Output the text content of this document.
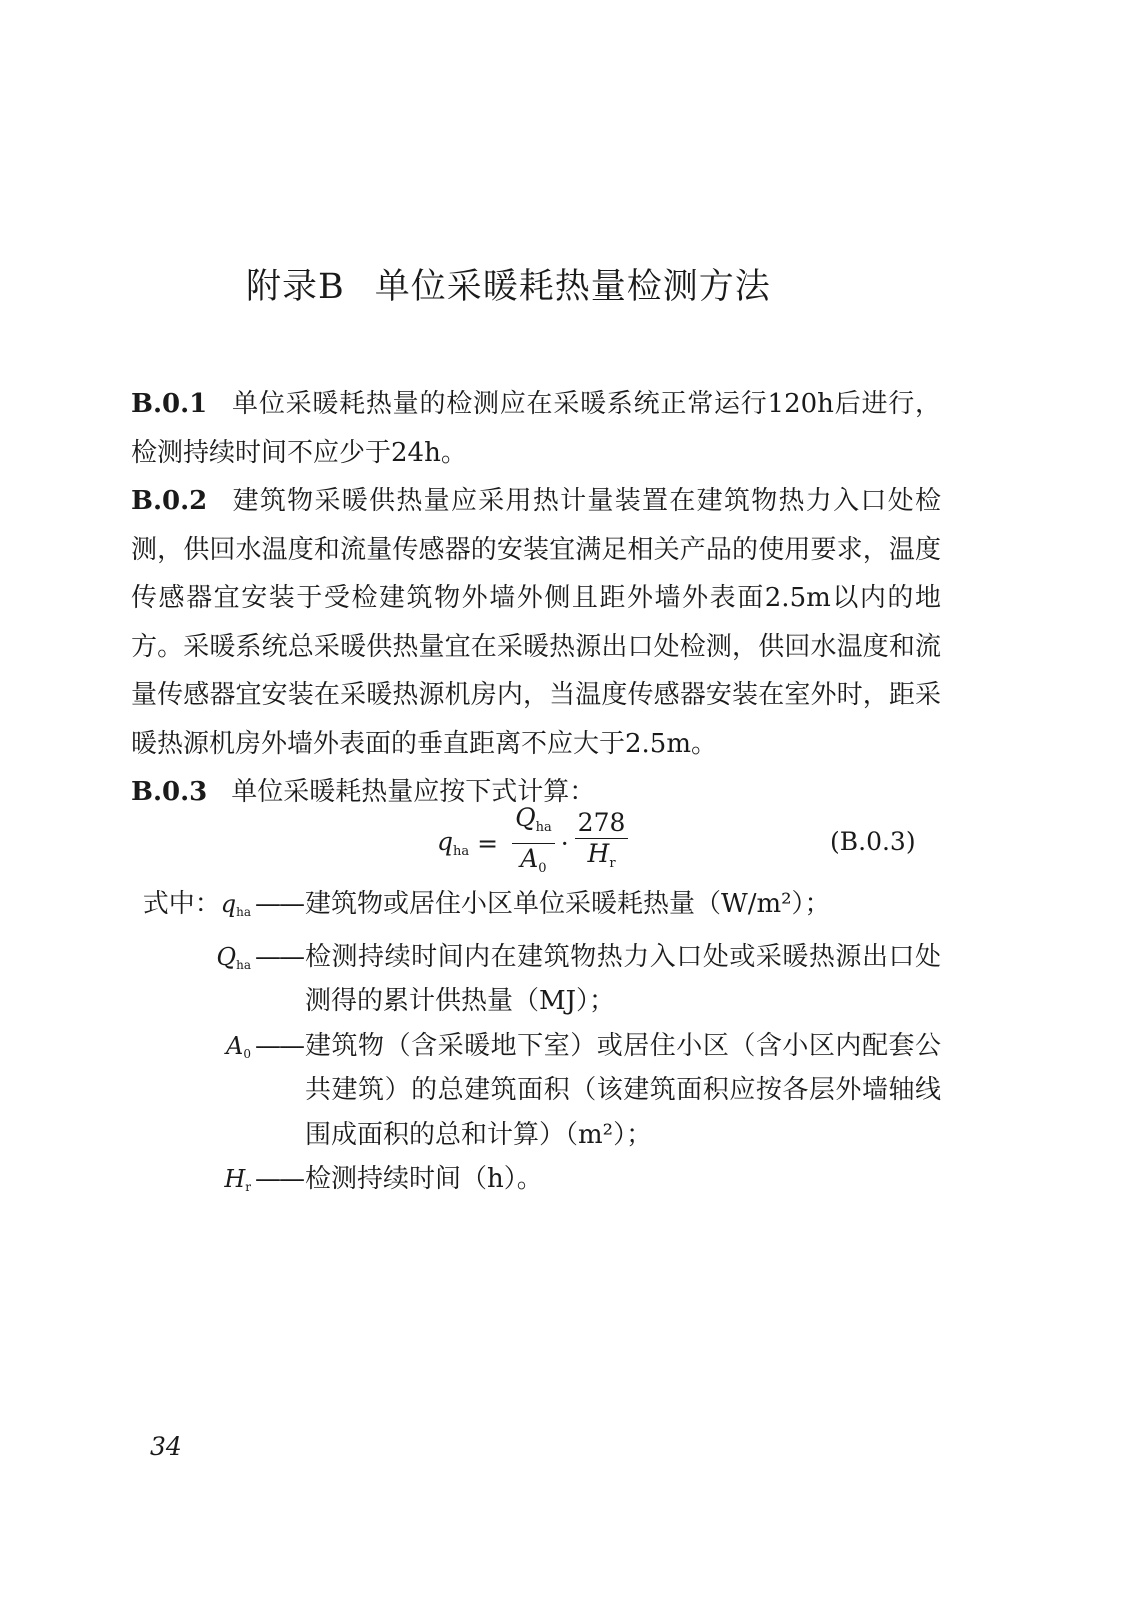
附录B 单位采暖耗热量检测方法
B.0.1 单位采暖耗热量的检测应在采暖系统正常运行120h后进行，检测持续时间不应少于24h。
B.0.2 建筑物采暖供热量应采用热计量装置在建筑物热力入口处检测，供回水温度和流量传感器的安装宜满足相关产品的使用要求，温度传感器宜安装于受检建筑物外墙外侧且距外墙外表面2.5m以内的地方。采暖系统总采暖供热量宜在采暖热源出口处检测，供回水温度和流量传感器宜安装在采暖热源机房内，当温度传感器安装在室外时，距采暖热源机房外墙外表面的垂直距离不应大于2.5m。
B.0.3 单位采暖耗热量应按下式计算：
$q_{ha} = \frac{Q_{ha}}{A_0} \cdot \frac{278}{H_r}$	(B.0.3)
式中：$q_{ha}$ —— 建筑物或居住小区单位采暖耗热量（W/m²）；
$Q_{ha}$ —— 检测持续时间内在建筑物热力入口处或采暖热源出口处测得的累计供热量（MJ）；
$A_0$ —— 建筑物（含采暖地下室）或居住小区（含小区内配套公共建筑）的总建筑面积（该建筑面积应按各层外墙轴线围成面积的总和计算）（m²）；
$H_r$ —— 检测持续时间（h）。
34
